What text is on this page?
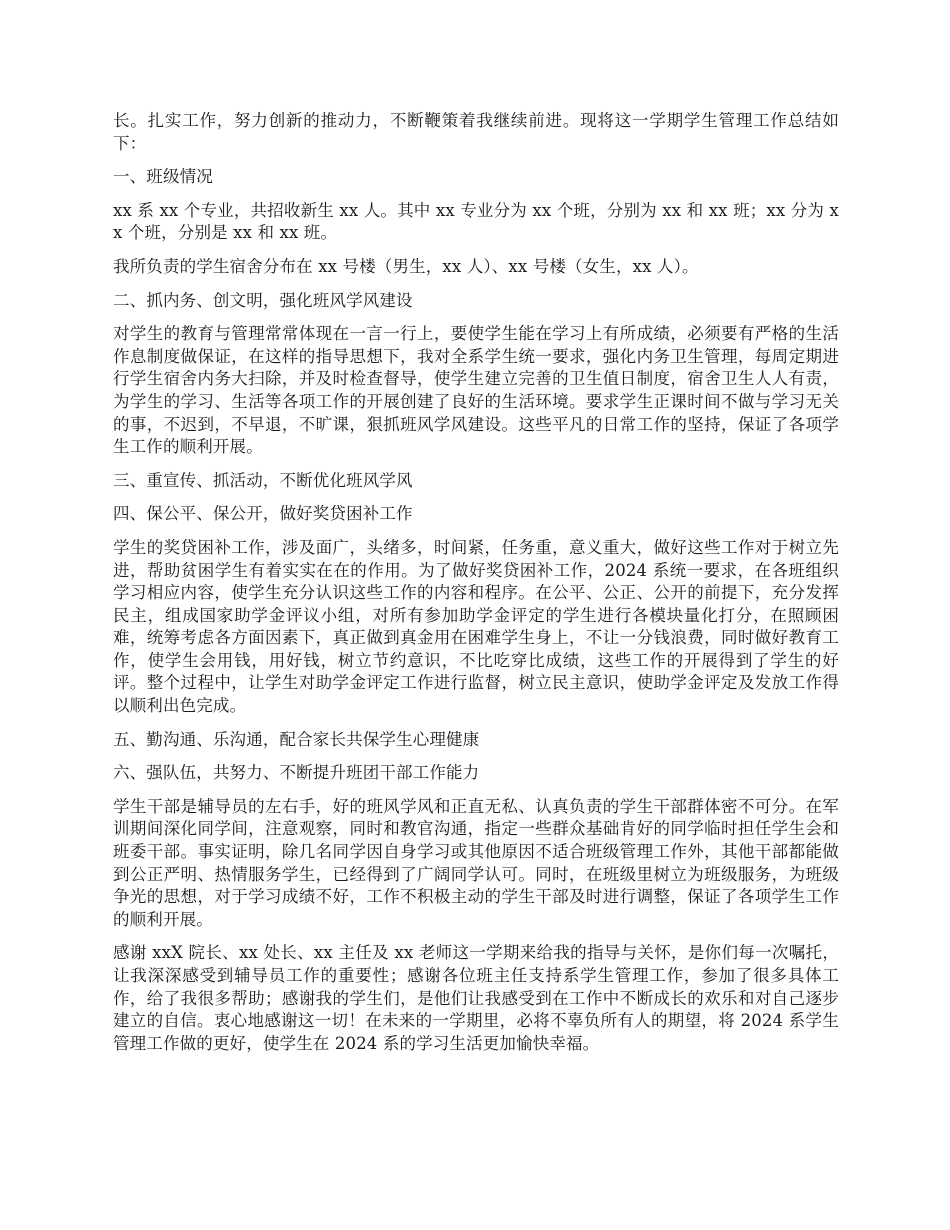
长。扎实工作，努力创新的推动力，不断鞭策着我继续前进。现将这一学期学生管理工作总结如下：

一、班级情况

xx 系 xx 个专业，共招收新生 xx 人。其中 xx 专业分为 xx 个班，分别为 xx 和 xx 班；xx 分为 xx 个班，分别是 xx 和 xx 班。

我所负责的学生宿舍分布在 xx 号楼（男生，xx 人）、xx 号楼（女生，xx 人）。

二、抓内务、创文明，强化班风学风建设

对学生的教育与管理常常体现在一言一行上，要使学生能在学习上有所成绩，必须要有严格的生活作息制度做保证，在这样的指导思想下，我对全系学生统一要求，强化内务卫生管理，每周定期进行学生宿舍内务大扫除，并及时检查督导，使学生建立完善的卫生值日制度，宿舍卫生人人有责，为学生的学习、生活等各项工作的开展创建了良好的生活环境。要求学生正课时间不做与学习无关的事，不迟到，不早退，不旷课，狠抓班风学风建设。这些平凡的日常工作的坚持，保证了各项学生工作的顺利开展。

三、重宣传、抓活动，不断优化班风学风

四、保公平、保公开，做好奖贷困补工作

学生的奖贷困补工作，涉及面广，头绪多，时间紧，任务重，意义重大，做好这些工作对于树立先进，帮助贫困学生有着实实在在的作用。为了做好奖贷困补工作，2024 系统一要求，在各班组织学习相应内容，使学生充分认识这些工作的内容和程序。在公平、公正、公开的前提下，充分发挥民主，组成国家助学金评议小组，对所有参加助学金评定的学生进行各模块量化打分，在照顾困难，统筹考虑各方面因素下，真正做到真金用在困难学生身上，不让一分钱浪费，同时做好教育工作，使学生会用钱，用好钱，树立节约意识，不比吃穿比成绩，这些工作的开展得到了学生的好评。整个过程中，让学生对助学金评定工作进行监督，树立民主意识，使助学金评定及发放工作得以顺利出色完成。

五、勤沟通、乐沟通，配合家长共保学生心理健康

六、强队伍，共努力、不断提升班团干部工作能力

学生干部是辅导员的左右手，好的班风学风和正直无私、认真负责的学生干部群体密不可分。在军训期间深化同学间，注意观察，同时和教官沟通，指定一些群众基础肯好的同学临时担任学生会和班委干部。事实证明，除几名同学因自身学习或其他原因不适合班级管理工作外，其他干部都能做到公正严明、热情服务学生，已经得到了广阔同学认可。同时，在班级里树立为班级服务，为班级争光的思想，对于学习成绩不好，工作不积极主动的学生干部及时进行调整，保证了各项学生工作的顺利开展。

感谢 xxX 院长、xx 处长、xx 主任及 xx 老师这一学期来给我的指导与关怀，是你们每一次嘱托，让我深深感受到辅导员工作的重要性；感谢各位班主任支持系学生管理工作，参加了很多具体工作，给了我很多帮助；感谢我的学生们，是他们让我感受到在工作中不断成长的欢乐和对自己逐步建立的自信。衷心地感谢这一切！在未来的一学期里，必将不辜负所有人的期望，将 2024 系学生管理工作做的更好，使学生在 2024 系的学习生活更加愉快幸福。
